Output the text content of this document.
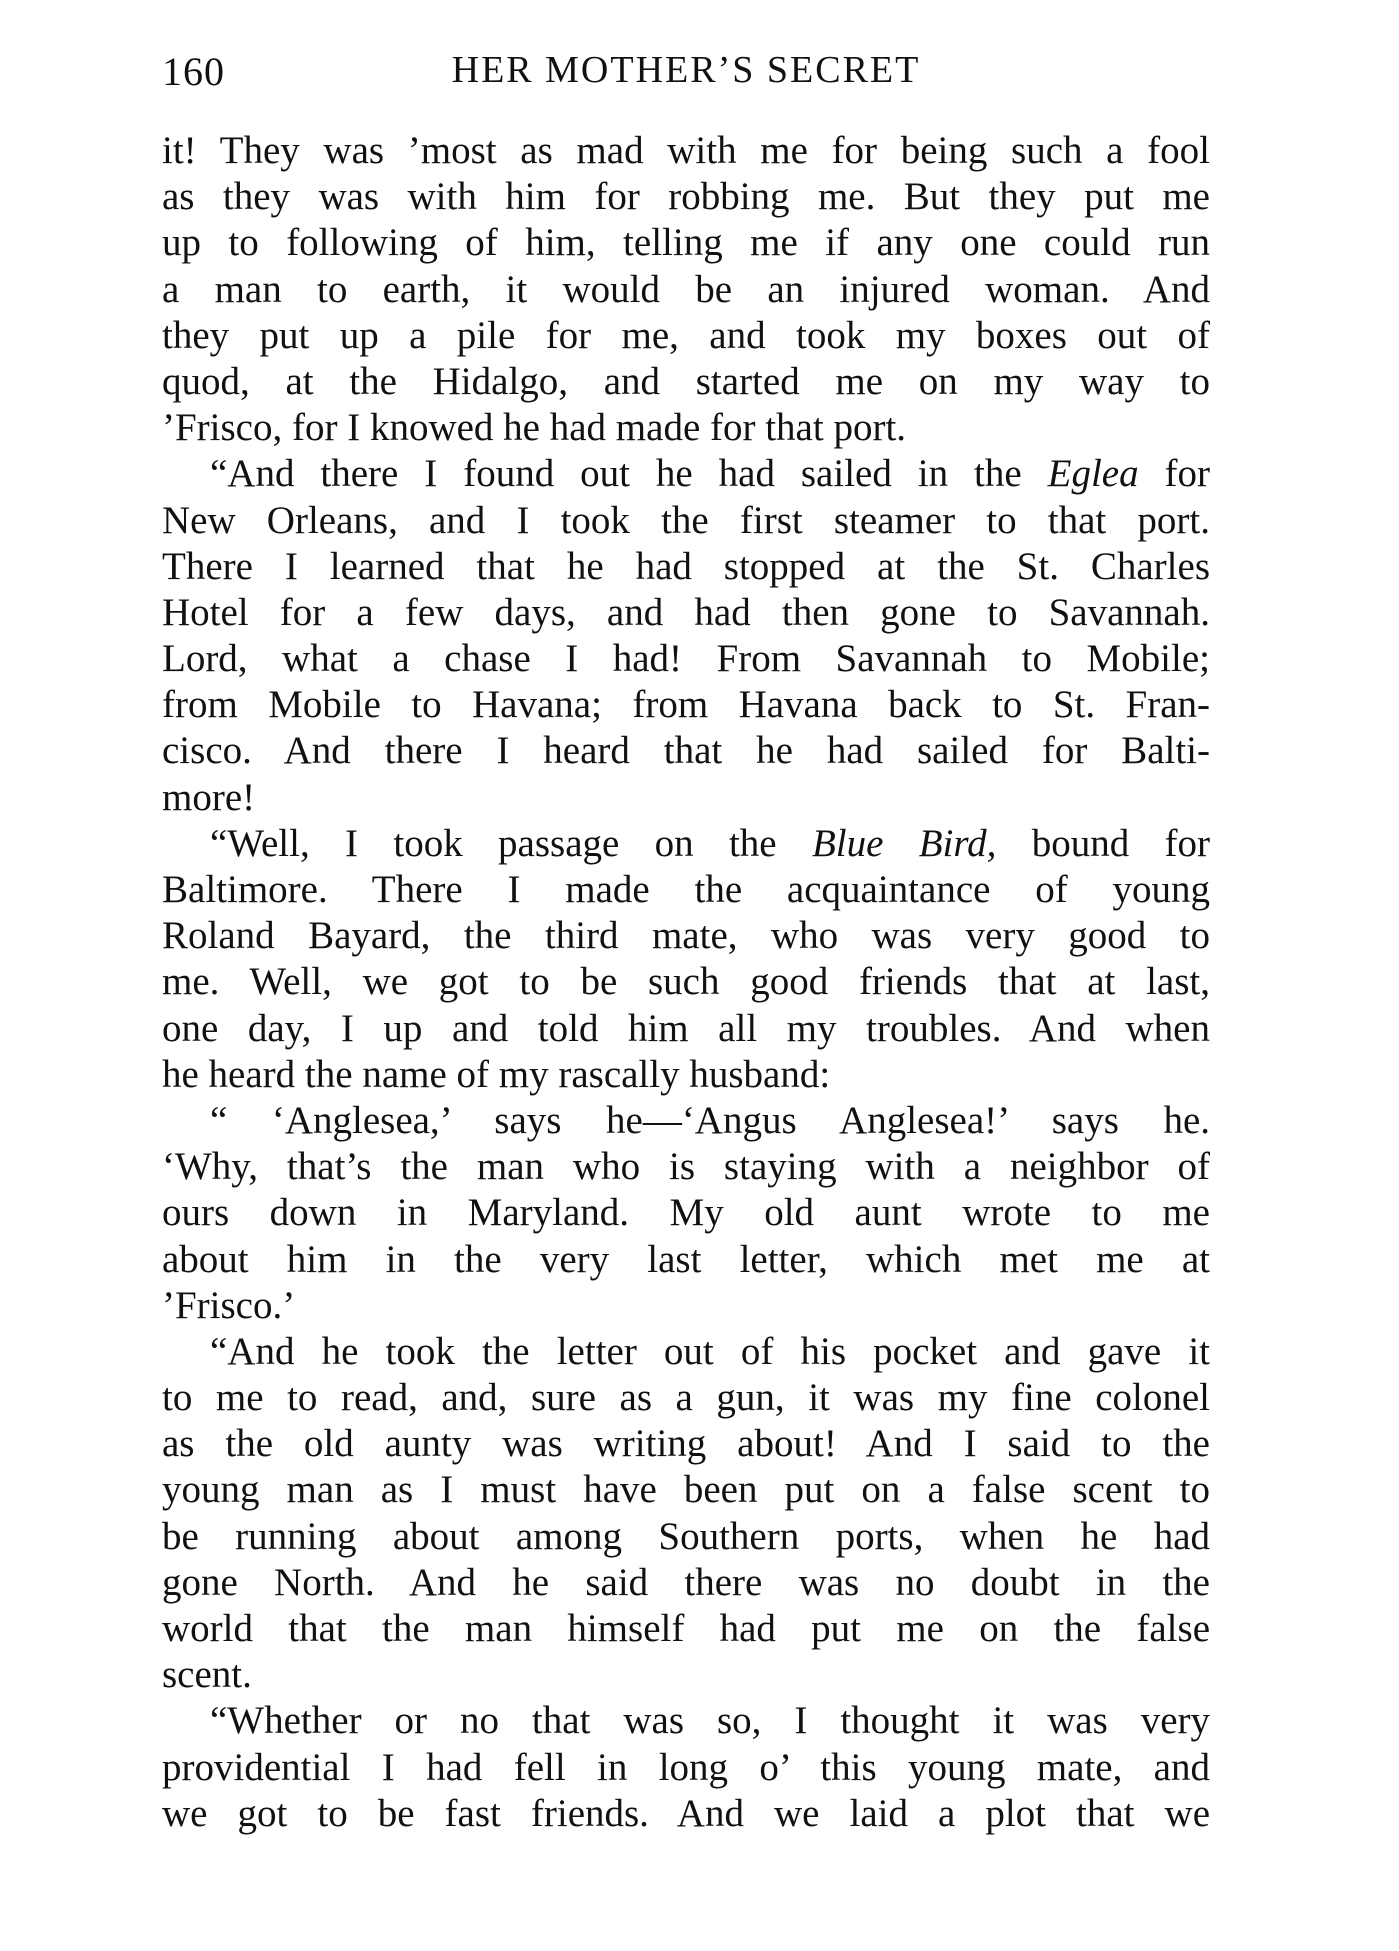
160	HER MOTHER’S SECRET
it! They was ’most as mad with me for being such a fool
as they was with him for robbing me. But they put me
up to following of him, telling me if any one could run
a man to earth, it would be an injured woman. And
they put up a pile for me, and took my boxes out of
quod, at the Hidalgo, and started me on my way to
’Frisco, for I knowed he had made for that port.
“And there I found out he had sailed in the Eglea for
New Orleans, and I took the first steamer to that port.
There I learned that he had stopped at the St. Charles
Hotel for a few days, and had then gone to Savannah.
Lord, what a chase I had! From Savannah to Mobile;
from Mobile to Havana; from Havana back to St. Fran-
cisco. And there I heard that he had sailed for Balti-
more!
“Well, I took passage on the Blue Bird, bound for
Baltimore. There I made the acquaintance of young
Roland Bayard, the third mate, who was very good to
me. Well, we got to be such good friends that at last,
one day, I up and told him all my troubles. And when
he heard the name of my rascally husband:
“ ‘Anglesea,’ says he—‘Angus Anglesea!’ says he.
‘Why, that’s the man who is staying with a neighbor of
ours down in Maryland. My old aunt wrote to me
about him in the very last letter, which met me at
’Frisco.’
“And he took the letter out of his pocket and gave it
to me to read, and, sure as a gun, it was my fine colonel
as the old aunty was writing about! And I said to the
young man as I must have been put on a false scent to
be running about among Southern ports, when he had
gone North. And he said there was no doubt in the
world that the man himself had put me on the false
scent.
“Whether or no that was so, I thought it was very
providential I had fell in long o’ this young mate, and
we got to be fast friends. And we laid a plot that we
